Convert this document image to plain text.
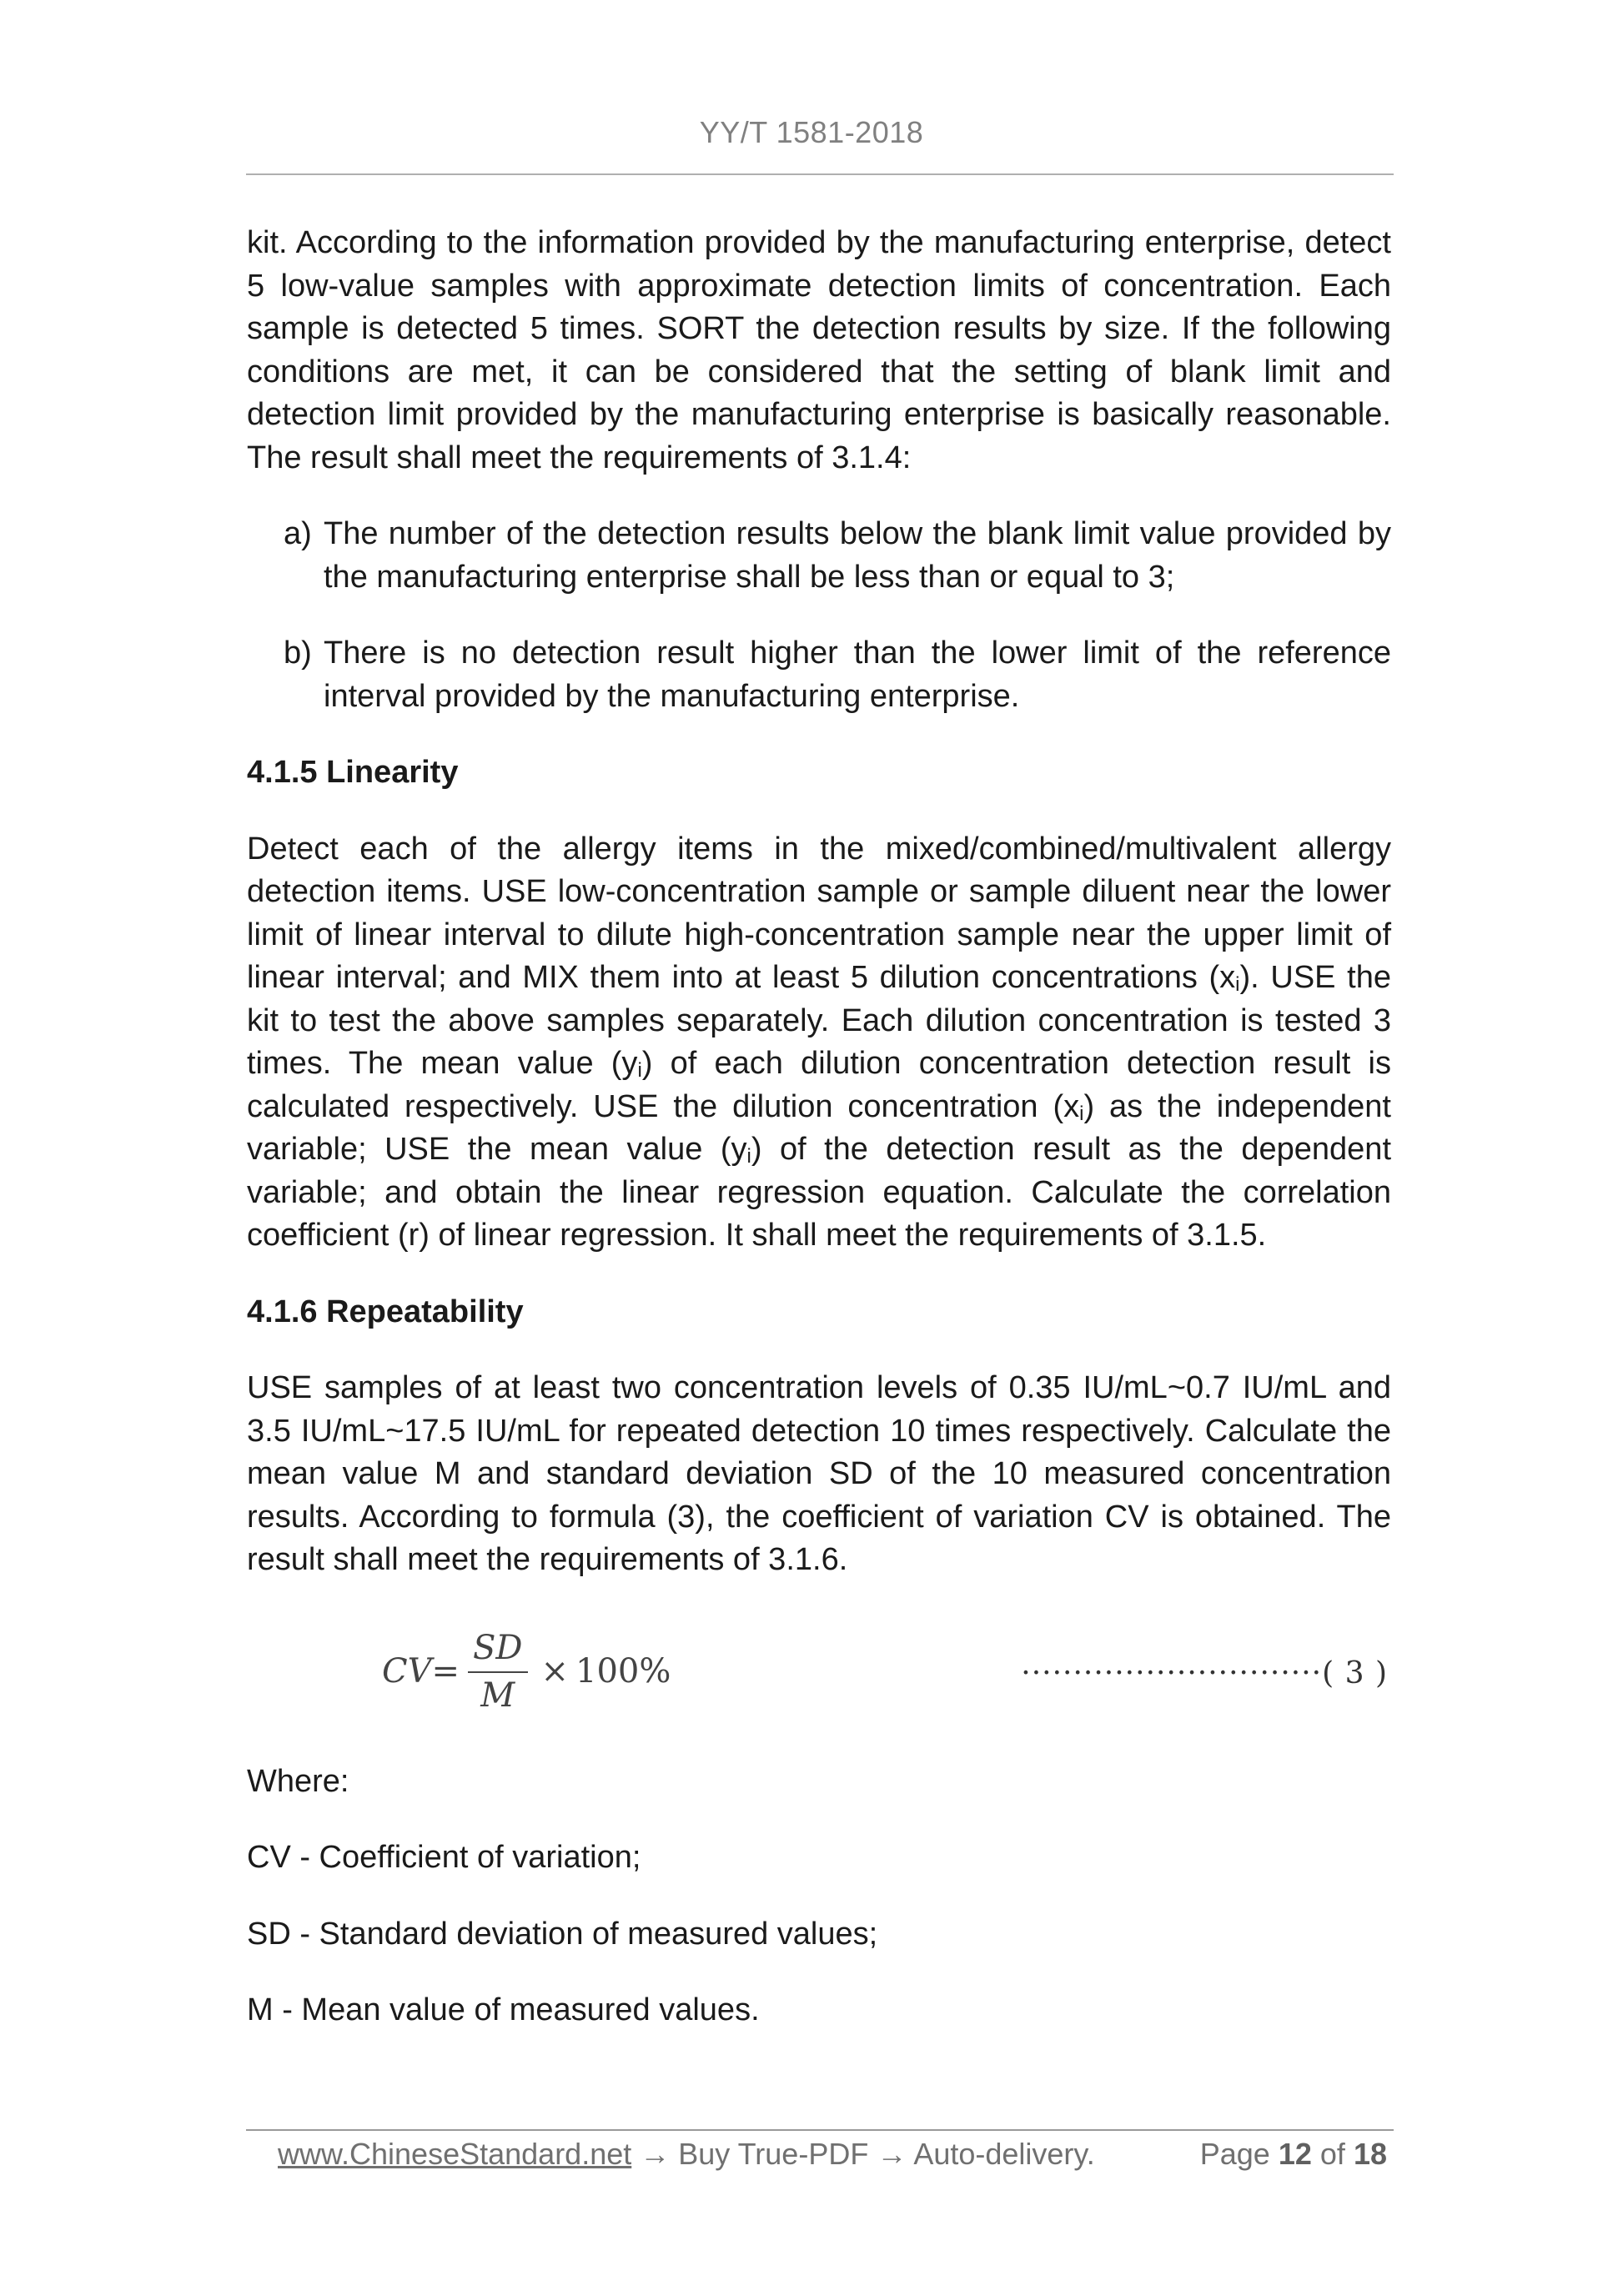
YY/T 1581-2018

kit. According to the information provided by the manufacturing enterprise, detect 5 low-value samples with approximate detection limits of concentration. Each sample is detected 5 times. SORT the detection results by size. If the following conditions are met, it can be considered that the setting of blank limit and detection limit provided by the manufacturing enterprise is basically reasonable. The result shall meet the requirements of 3.1.4:

a) The number of the detection results below the blank limit value provided by the manufacturing enterprise shall be less than or equal to 3;
b) There is no detection result higher than the lower limit of the reference interval provided by the manufacturing enterprise.
4.1.5 Linearity

Detect each of the allergy items in the mixed/combined/multivalent allergy detection items. USE low-concentration sample or sample diluent near the lower limit of linear interval to dilute high-concentration sample near the upper limit of linear interval; and MIX them into at least 5 dilution concentrations $(x_i)$. USE the kit to test the above samples separately. Each dilution concentration is tested 3 times. The mean value $(y_i)$ of each dilution concentration detection result is calculated respectively. USE the dilution concentration $(x_i)$ as the independent variable; USE the mean value $(y_i)$ of the detection result as the dependent variable; and obtain the linear regression equation. Calculate the correlation coefficient (r) of linear regression. It shall meet the requirements of 3.1.5.

4.1.6 Repeatability

USE samples of at least two concentration levels of 0.35 IU/mL~0.7 IU/mL and 3.5 IU/mL~17.5 IU/mL for repeated detection 10 times respectively. Calculate the mean value M and standard deviation SD of the 10 measured concentration results. According to formula (3), the coefficient of variation CV is obtained. The result shall meet the requirements of 3.1.6.

CV = $\frac{SD}{M} \times 100\%$	·····························( 3 )

Where:

CV - Coefficient of variation;

SD - Standard deviation of measured values;

M - Mean value of measured values.

www.ChineseStandard.net → Buy True-PDF → Auto-delivery.	Page 12 of 18
